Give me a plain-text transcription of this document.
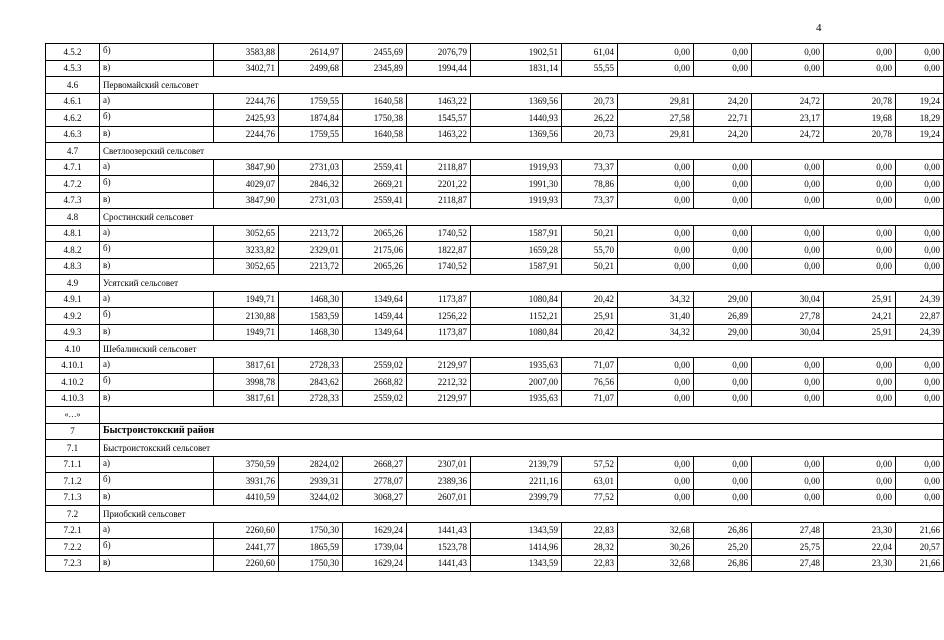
4
4.5.2	б)	3583,88	2614,97	2455,69	2076,79	1902,51	61,04	0,00	0,00	0,00	0,00	0,00
4.5.3	в)	3402,71	2499,68	2345,89	1994,44	1831,14	55,55	0,00	0,00	0,00	0,00	0,00
4.6	Первомайский сельсовет											
4.6.1	а)	2244,76	1759,55	1640,58	1463,22	1369,56	20,73	29,81	24,20	24,72	20,78	19,24
4.6.2	б)	2425,93	1874,84	1750,38	1545,57	1440,93	26,22	27,58	22,71	23,17	19,68	18,29
4.6.3	в)	2244,76	1759,55	1640,58	1463,22	1369,56	20,73	29,81	24,20	24,72	20,78	19,24
4.7	Светлоозерский сельсовет											
4.7.1	а)	3847,90	2731,03	2559,41	2118,87	1919,93	73,37	0,00	0,00	0,00	0,00	0,00
4.7.2	б)	4029,07	2846,32	2669,21	2201,22	1991,30	78,86	0,00	0,00	0,00	0,00	0,00
4.7.3	в)	3847,90	2731,03	2559,41	2118,87	1919,93	73,37	0,00	0,00	0,00	0,00	0,00
4.8	Сростинский сельсовет											
4.8.1	а)	3052,65	2213,72	2065,26	1740,52	1587,91	50,21	0,00	0,00	0,00	0,00	0,00
4.8.2	б)	3233,82	2329,01	2175,06	1822,87	1659,28	55,70	0,00	0,00	0,00	0,00	0,00
4.8.3	в)	3052,65	2213,72	2065,26	1740,52	1587,91	50,21	0,00	0,00	0,00	0,00	0,00
4.9	Усятский сельсовет											
4.9.1	а)	1949,71	1468,30	1349,64	1173,87	1080,84	20,42	34,32	29,00	30,04	25,91	24,39
4.9.2	б)	2130,88	1583,59	1459,44	1256,22	1152,21	25,91	31,40	26,89	27,78	24,21	22,87
4.9.3	в)	1949,71	1468,30	1349,64	1173,87	1080,84	20,42	34,32	29,00	30,04	25,91	24,39
4.10	Шебалинский сельсовет											
4.10.1	а)	3817,61	2728,33	2559,02	2129,97	1935,63	71,07	0,00	0,00	0,00	0,00	0,00
4.10.2	б)	3998,78	2843,62	2668,82	2212,32	2007,00	76,56	0,00	0,00	0,00	0,00	0,00
4.10.3	в)	3817,61	2728,33	2559,02	2129,97	1935,63	71,07	0,00	0,00	0,00	0,00	0,00
«…»												
7	Быстроистокский район											
7.1	Быстроистокский сельсовет											
7.1.1	а)	3750,59	2824,02	2668,27	2307,01	2139,79	57,52	0,00	0,00	0,00	0,00	0,00
7.1.2	б)	3931,76	2939,31	2778,07	2389,36	2211,16	63,01	0,00	0,00	0,00	0,00	0,00
7.1.3	в)	4410,59	3244,02	3068,27	2607,01	2399,79	77,52	0,00	0,00	0,00	0,00	0,00
7.2	Приобский сельсовет											
7.2.1	а)	2260,60	1750,30	1629,24	1441,43	1343,59	22,83	32,68	26,86	27,48	23,30	21,66
7.2.2	б)	2441,77	1865,59	1739,04	1523,78	1414,96	28,32	30,26	25,20	25,75	22,04	20,57
7.2.3	в)	2260,60	1750,30	1629,24	1441,43	1343,59	22,83	32,68	26,86	27,48	23,30	21,66
